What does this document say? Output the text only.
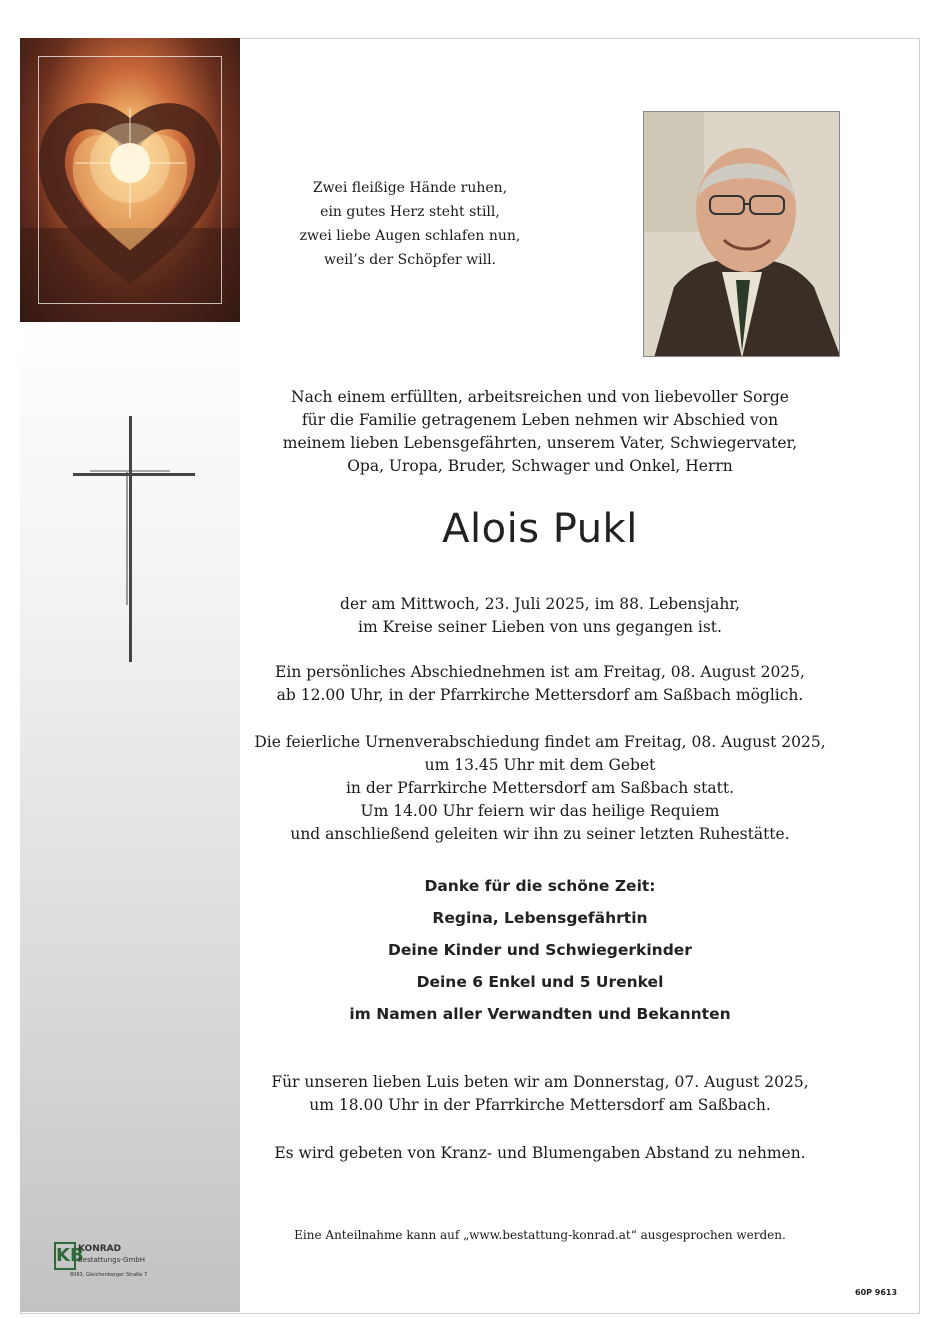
Zwei fleißige Hände ruhen,
ein gutes Herz steht still,
zwei liebe Augen schlafen nun,
weil’s der Schöpfer will.
Nach einem erfüllten, arbeitsreichen und von liebevoller Sorge
für die Familie getragenem Leben nehmen wir Abschied von
meinem lieben Lebensgefährten, unserem Vater, Schwiegervater,
Opa, Uropa, Bruder, Schwager und Onkel, Herrn
Alois Pukl
der am Mittwoch, 23. Juli 2025, im 88. Lebensjahr,
im Kreise seiner Lieben von uns gegangen ist.
Ein persönliches Abschiednehmen ist am Freitag, 08. August 2025,
ab 12.00 Uhr, in der Pfarrkirche Mettersdorf am Saßbach möglich.
Die feierliche Urnenverabschiedung findet am Freitag, 08. August 2025,
um 13.45 Uhr mit dem Gebet
in der Pfarrkirche Mettersdorf am Saßbach statt.
Um 14.00 Uhr feiern wir das heilige Requiem
und anschließend geleiten wir ihn zu seiner letzten Ruhestätte.
Danke für die schöne Zeit:
Regina, Lebensgefährtin
Deine Kinder und Schwiegerkinder
Deine 6 Enkel und 5 Urenkel
im Namen aller Verwandten und Bekannten
Für unseren lieben Luis beten wir am Donnerstag, 07. August 2025,
um 18.00 Uhr in der Pfarrkirche Mettersdorf am Saßbach.
Es wird gebeten von Kranz- und Blumengaben Abstand zu nehmen.
Eine Anteilnahme kann auf „www.bestattung-konrad.at“ ausgesprochen werden.
KB
KONRAD
Bestattungs-GmbH
8083, Gleichenberger Straße 7
60P 9613
